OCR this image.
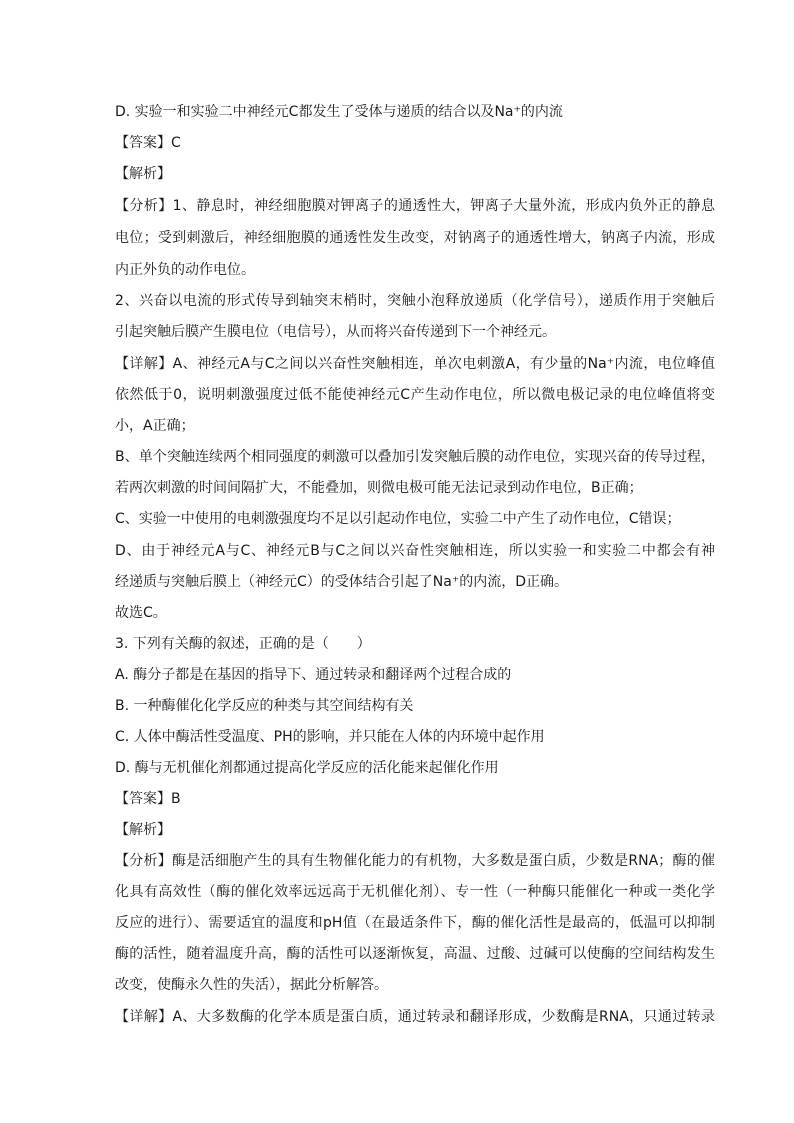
D. 实验一和实验二中神经元C都发生了受体与递质的结合以及Na⁺的内流
【答案】C
【解析】
【分析】1、静息时，神经细胞膜对钾离子的通透性大，钾离子大量外流，形成内负外正的静息
电位；受到刺激后，神经细胞膜的通透性发生改变，对钠离子的通透性增大，钠离子内流，形成
内正外负的动作电位。
2、兴奋以电流的形式传导到轴突末梢时，突触小泡释放递质（化学信号），递质作用于突触后
引起突触后膜产生膜电位（电信号），从而将兴奋传递到下一个神经元。
【详解】A、神经元A与C之间以兴奋性突触相连，单次电刺激A，有少量的Na⁺内流，电位峰值
依然低于0，说明刺激强度过低不能使神经元C产生动作电位，所以微电极记录的电位峰值将变
小，A正确；
B、单个突触连续两个相同强度的刺激可以叠加引发突触后膜的动作电位，实现兴奋的传导过程，
若两次刺激的时间间隔扩大，不能叠加，则微电极可能无法记录到动作电位，B正确；
C、实验一中使用的电刺激强度均不足以引起动作电位，实验二中产生了动作电位，C错误；
D、由于神经元A与C、神经元B与C之间以兴奋性突触相连，所以实验一和实验二中都会有神
经递质与突触后膜上（神经元C）的受体结合引起了Na⁺的内流，D正确。
故选C。
3. 下列有关酶的叙述，正确的是（　　）
A. 酶分子都是在基因的指导下、通过转录和翻译两个过程合成的
B. 一种酶催化化学反应的种类与其空间结构有关
C. 人体中酶活性受温度、PH的影响，并只能在人体的内环境中起作用
D. 酶与无机催化剂都通过提高化学反应的活化能来起催化作用
【答案】B
【解析】
【分析】酶是活细胞产生的具有生物催化能力的有机物，大多数是蛋白质，少数是RNA；酶的催
化具有高效性（酶的催化效率远远高于无机催化剂）、专一性（一种酶只能催化一种或一类化学
反应的进行）、需要适宜的温度和pH值（在最适条件下，酶的催化活性是最高的，低温可以抑制
酶的活性，随着温度升高，酶的活性可以逐渐恢复，高温、过酸、过碱可以使酶的空间结构发生
改变，使酶永久性的失活），据此分析解答。
【详解】A、大多数酶的化学本质是蛋白质，通过转录和翻译形成，少数酶是RNA，只通过转录
